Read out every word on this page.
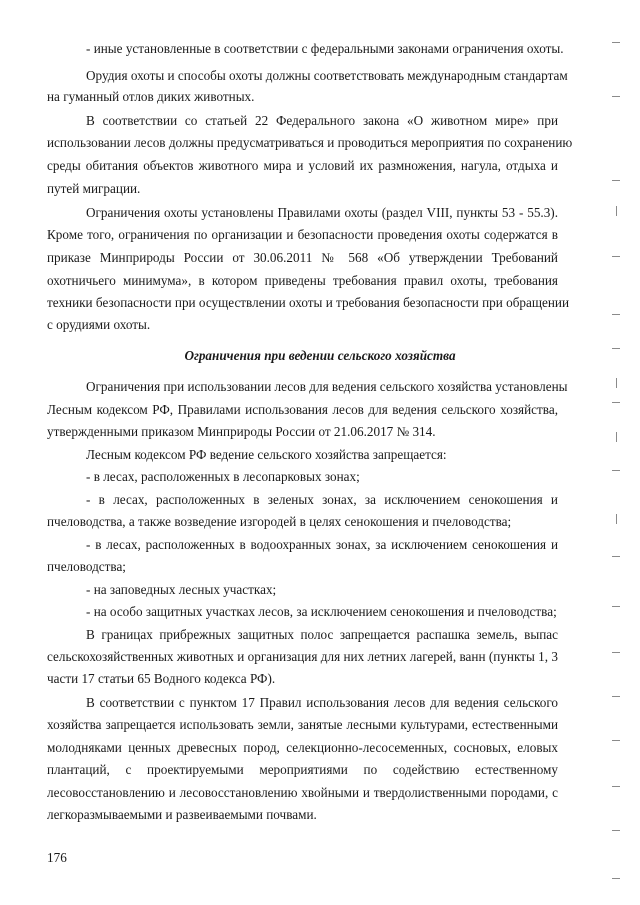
- иные установленные в соответствии с федеральными законами ограничения охоты.

Орудия охоты и способы охоты должны соответствовать международным стандартам

на гуманный отлов диких животных.

В соответствии со статьей 22 Федерального закона «О животном мире» при

использовании лесов должны предусматриваться и проводиться мероприятия по сохранению

среды обитания объектов животного мира и условий их размножения, нагула, отдыха и

путей миграции.

Ограничения охоты установлены Правилами охоты (раздел VIII, пункты 53 - 55.3).

Кроме того, ограничения по организации и безопасности проведения охоты содержатся в

приказе Минприроды России от 30.06.2011 № 568 «Об утверждении Требований

охотничьего минимума», в котором приведены требования правил охоты, требования

техники безопасности при осуществлении охоты и требования безопасности при обращении

с орудиями охоты.

Ограничения при ведении сельского хозяйства

Ограничения при использовании лесов для ведения сельского хозяйства установлены

Лесным кодексом РФ, Правилами использования лесов для ведения сельского хозяйства,

утвержденными приказом Минприроды России от 21.06.2017 № 314.

Лесным кодексом РФ ведение сельского хозяйства запрещается:

- в лесах, расположенных в лесопарковых зонах;

- в лесах, расположенных в зеленых зонах, за исключением сенокошения и

пчеловодства, а также возведение изгородей в целях сенокошения и пчеловодства;

- в лесах, расположенных в водоохранных зонах, за исключением сенокошения и

пчеловодства;

- на заповедных лесных участках;

- на особо защитных участках лесов, за исключением сенокошения и пчеловодства;

В границах прибрежных защитных полос запрещается распашка земель, выпас

сельскохозяйственных животных и организация для них летних лагерей, ванн (пункты 1, 3

части 17 статьи 65 Водного кодекса РФ).

В соответствии с пунктом 17 Правил использования лесов для ведения сельского

хозяйства запрещается использовать земли, занятые лесными культурами, естественными

молодняками ценных древесных пород, селекционно-лесосеменных, сосновых, еловых

плантаций, с проектируемыми мероприятиями по содействию естественному

лесовосстановлению и лесовосстановлению хвойными и твердолиственными породами, с

легкоразмываемыми и развеиваемыми почвами.

176
